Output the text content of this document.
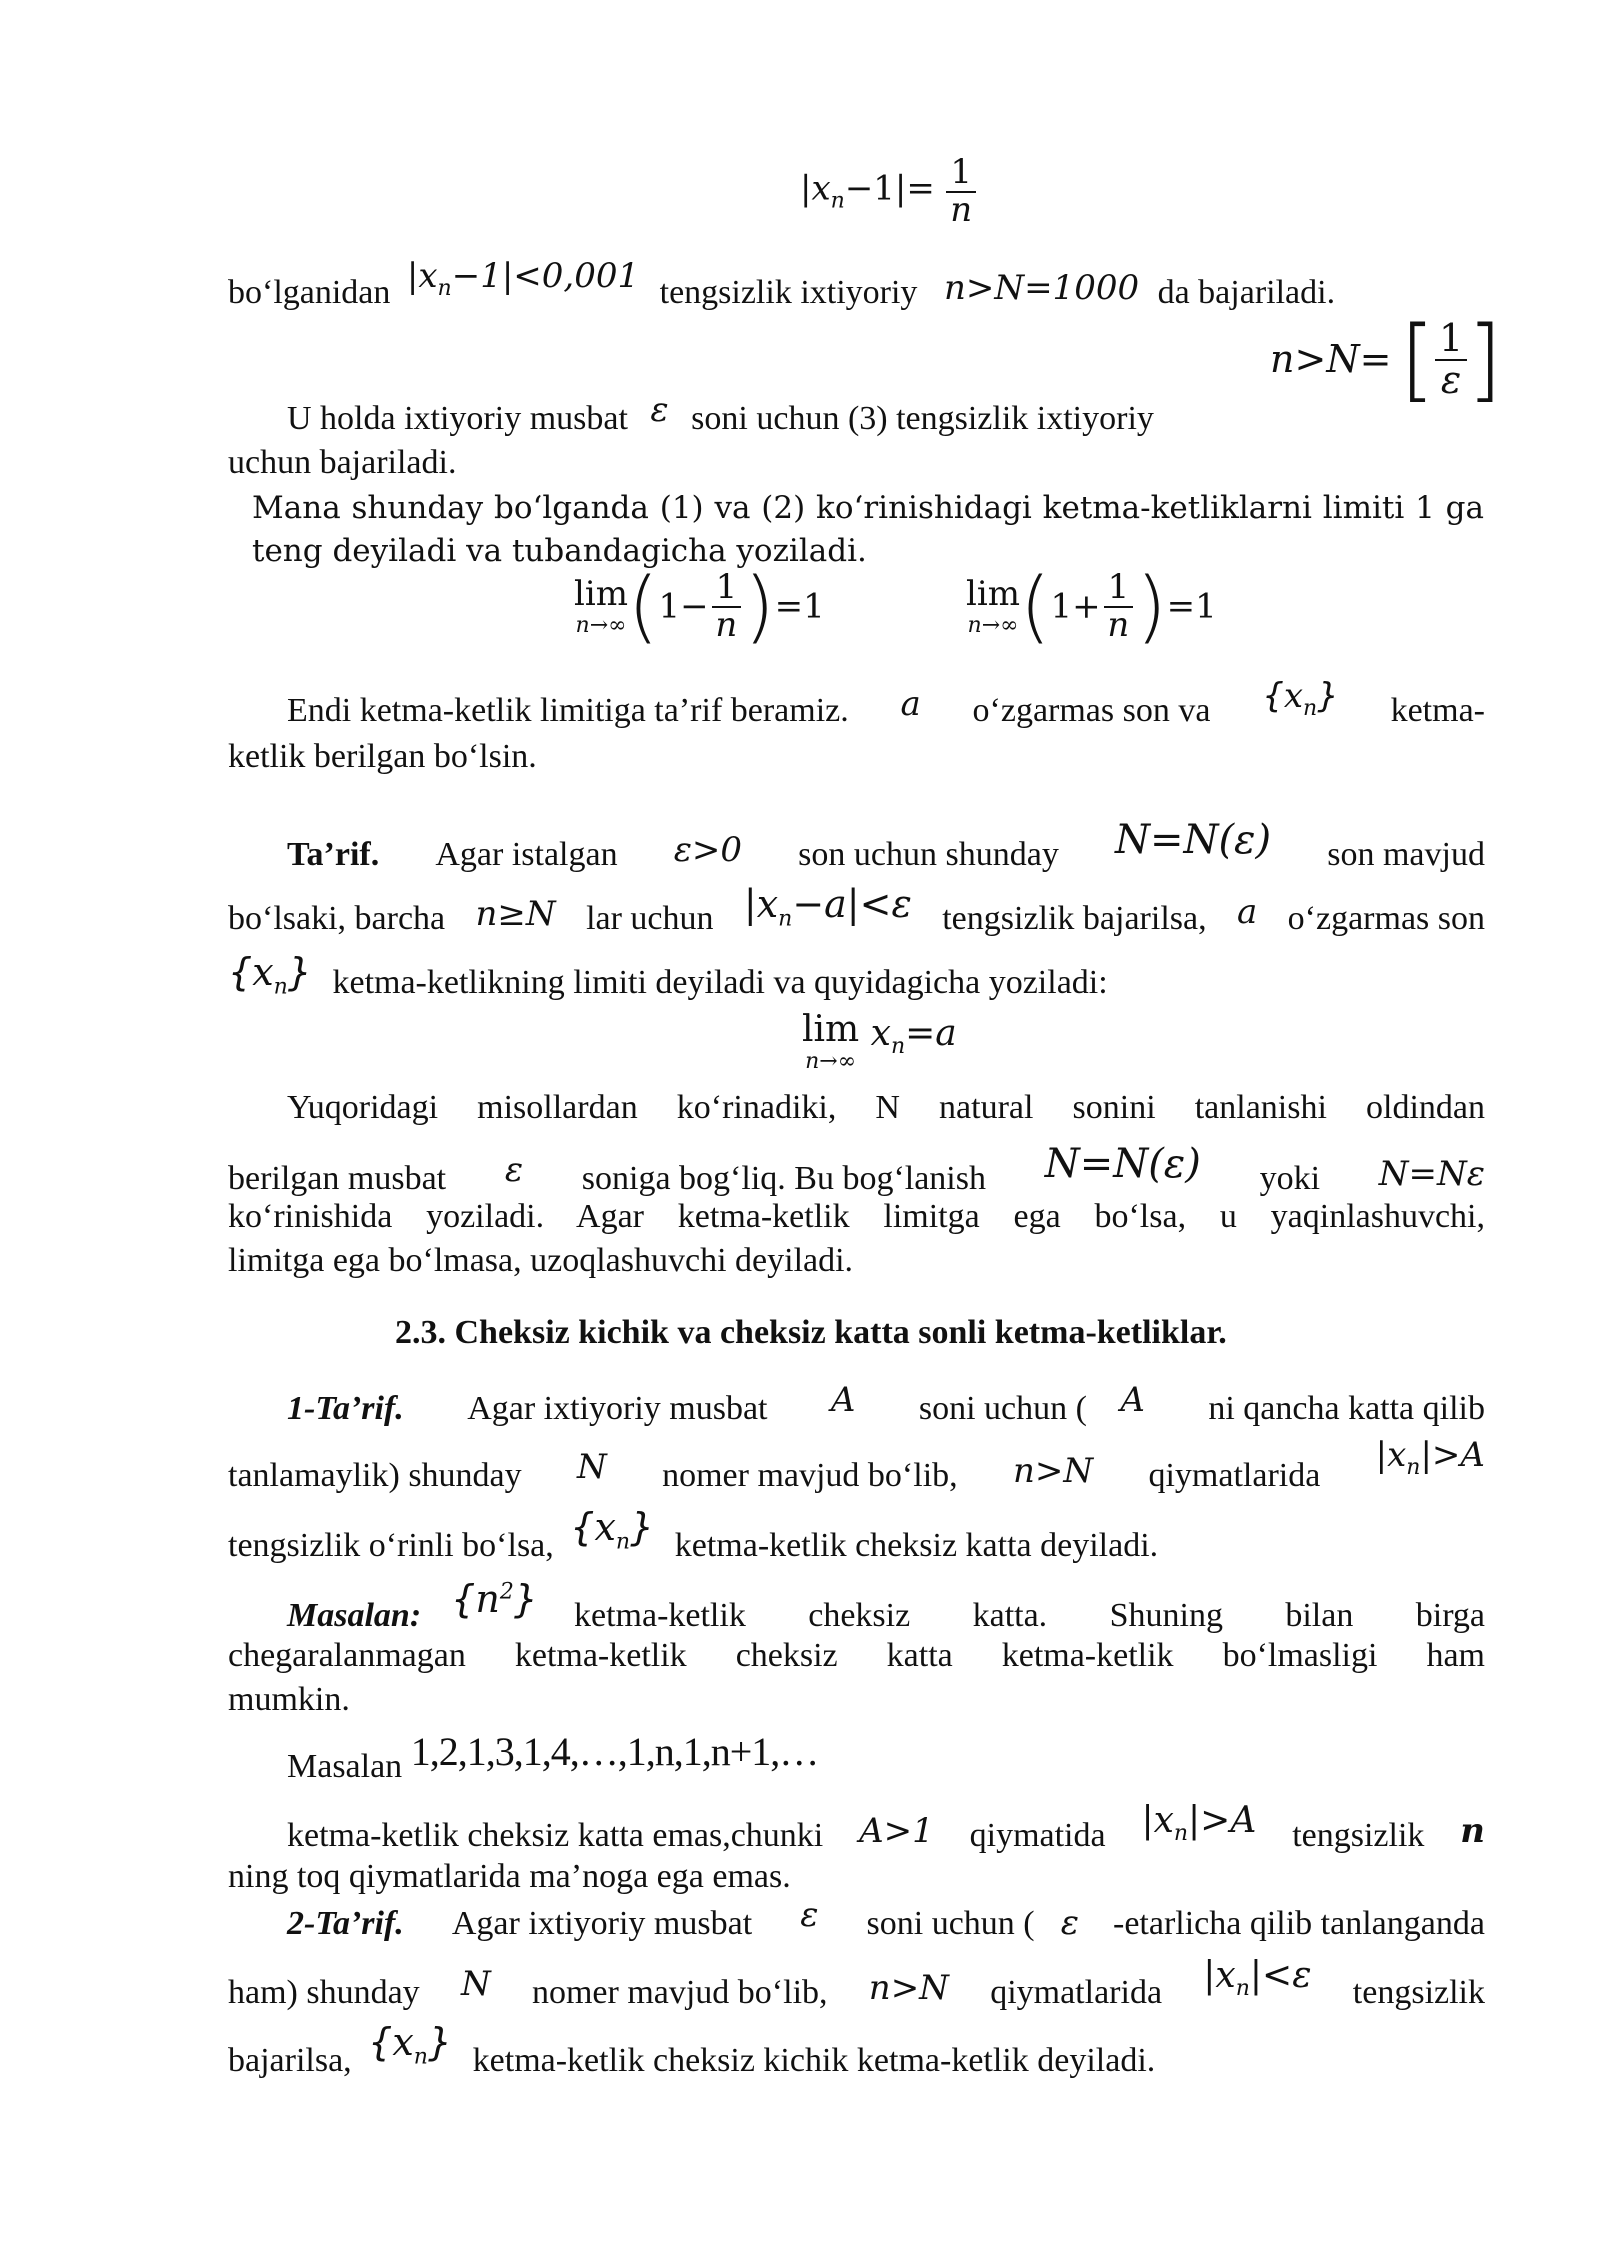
$|x_n-1|= \frac{1}{n}$
bo‘lganidan $|x_n-1|<0,001$ tengsizlik ixtiyoriy n>N=1000 da bajariladi.
U holda ixtiyoriy musbat ε soni uchun (3) tengsizlik ixtiyoriy
n>N= [ $\frac{1}{\varepsilon}$ ]
uchun bajariladi.
Mana shunday bo‘lganda (1) va (2) ko‘rinishidagi ketma-ketliklarni limiti 1 ga
teng deyiladi va tubandagicha yoziladi.
lim
n→∞ $(1- \frac{1}{n} )=1$	lim
n→∞ $(1+ \frac{1}{n} )=1$
Endi ketma-ketlik limitiga ta’rif beramiz. a o‘zgarmas son va $\{x_n\}$ ketma-
ketlik berilgan bo‘lsin.
Ta’rif. Agar istalgan ε>0 son uchun shunday N=N(ε) son mavjud
bo‘lsaki, barcha n≥N lar uchun $|x_n-a|<\varepsilon$ tengsizlik bajarilsa, a o‘zgarmas son
$\{x_n\}$ ketma-ketlikning limiti deyiladi va quyidagicha yoziladi:
lim
n→∞
$x_n=a$
Yuqoridagi misollardan ko‘rinadiki, N natural sonini tanlanishi oldindan
berilgan musbat ε soniga bog‘liq. Bu bog‘lanish N=N(ε) yoki N=Nε
ko‘rinishida yoziladi. Agar ketma-ketlik limitga ega bo‘lsa, u yaqinlashuvchi,
limitga ega bo‘lmasa, uzoqlashuvchi deyiladi.
2.3. Cheksiz kichik va cheksiz katta sonli ketma-ketliklar.
1-Ta’rif. Agar ixtiyoriy musbat A soni uchun ( A ni qancha katta qilib
tanlamaylik) shunday N nomer mavjud bo‘lib, n>N qiymatlarida
$|x_n|>A$
tengsizlik o‘rinli bo‘lsa, $\{x_n\}$ ketma-ketlik cheksiz katta deyiladi.
Masalan: $\{n^2\}$ ketma-ketlik cheksiz katta. Shuning bilan birga
chegaralanmagan ketma-ketlik cheksiz katta ketma-ketlik bo‘lmasligi ham
mumkin.
Masalan 1,2,1,3,1,4,…,1,n,1,n+1,…
ketma-ketlik cheksiz katta emas,chunki A>1 qiymatida $|x_n|>A$ tengsizlik n
ning toq qiymatlarida ma’noga ega emas.
2-Ta’rif. Agar ixtiyoriy musbat ε soni uchun ( ε -etarlicha qilib tanlanganda
ham) shunday N nomer mavjud bo‘lib, n>N qiymatlarida $|x_n|<\varepsilon$ tengsizlik
bajarilsa, $\{x_n\}$ ketma-ketlik cheksiz kichik ketma-ketlik deyiladi.
